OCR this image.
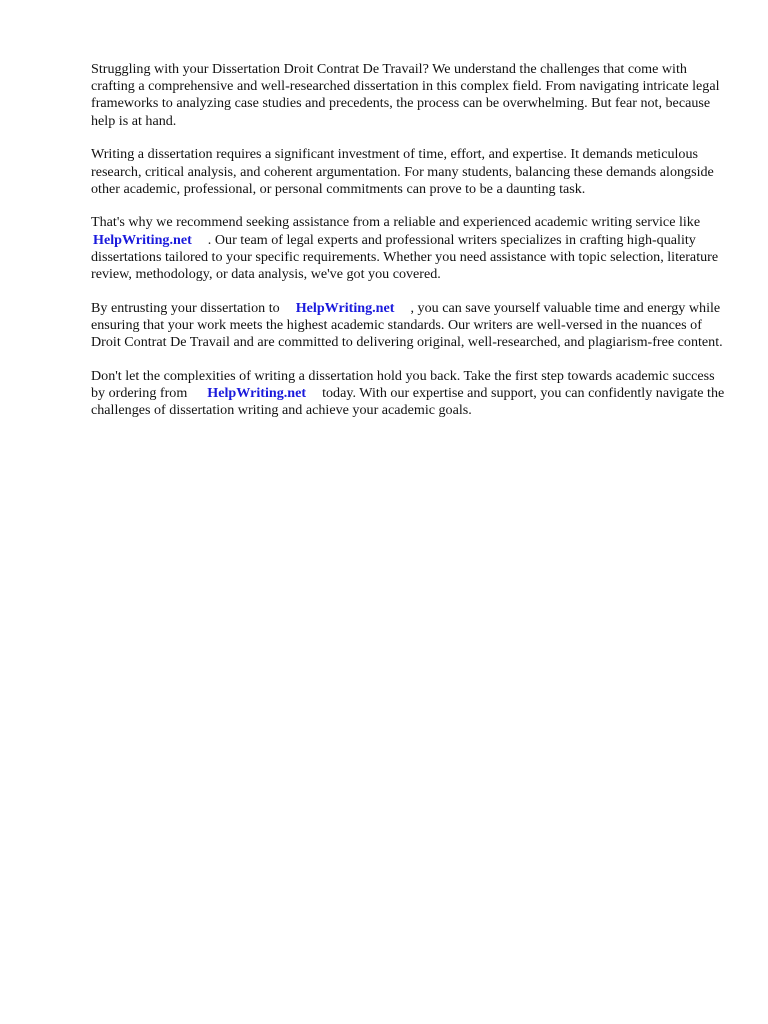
Struggling with your Dissertation Droit Contrat De Travail? We understand the challenges that come with crafting a comprehensive and well-researched dissertation in this complex field. From navigating intricate legal frameworks to analyzing case studies and precedents, the process can be overwhelming. But fear not, because help is at hand.

Writing a dissertation requires a significant investment of time, effort, and expertise. It demands meticulous research, critical analysis, and coherent argumentation. For many students, balancing these demands alongside other academic, professional, or personal commitments can prove to be a daunting task.

That's why we recommend seeking assistance from a reliable and experienced academic writing service likeHelpWriting.net . Our team of legal experts and professional writers specializes in crafting high-quality dissertations tailored to your specific requirements. Whether you need assistance with topic selection, literature review, methodology, or data analysis, we've got you covered.

By entrusting your dissertation to HelpWriting.net , you can save yourself valuable time and energy while ensuring that your work meets the highest academic standards. Our writers are well-versed in the nuances of Droit Contrat De Travail and are committed to delivering original, well-researched, and plagiarism-free content.

Don't let the complexities of writing a dissertation hold you back. Take the first step towards academic success by ordering from HelpWriting.net today. With our expertise and support, you can confidently navigate the challenges of dissertation writing and achieve your academic goals.
